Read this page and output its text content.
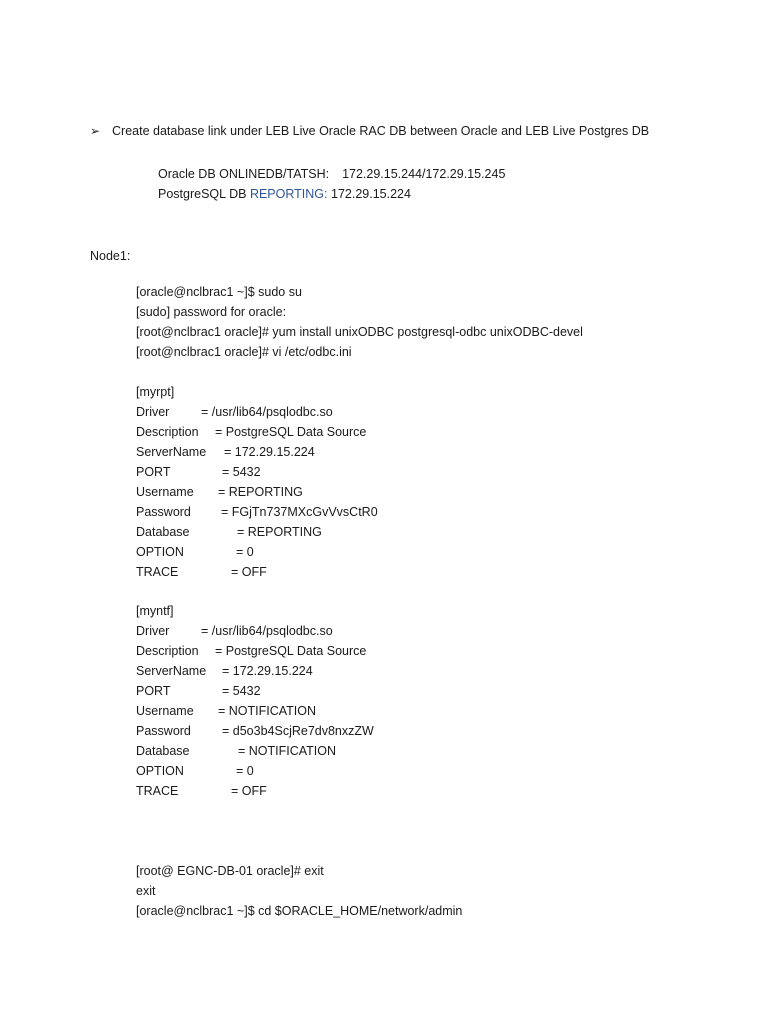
➢ Create database link under LEB Live Oracle RAC DB between Oracle and LEB Live Postgres DB
Oracle DB ONLINEDB/TATSH: 172.29.15.244/172.29.15.245
PostgreSQL DB REPORTING: 172.29.15.224
Node1:
[oracle@nclbrac1 ~]$ sudo su
[sudo] password for oracle:
[root@nclbrac1 oracle]# yum install unixODBC postgresql-odbc unixODBC-devel
[root@nclbrac1 oracle]# vi /etc/odbc.ini
[myrpt]
Driver	= /usr/lib64/psqlodbc.so
Description = PostgreSQL Data Source
ServerName = 172.29.15.224
PORT	= 5432
Username = REPORTING
Password = FGjTn737MXcGvVvsCtR0
Database	= REPORTING
OPTION	= 0
TRACE	= OFF
[myntf]
Driver	= /usr/lib64/psqlodbc.so
Description = PostgreSQL Data Source
ServerName = 172.29.15.224
PORT	= 5432
Username = NOTIFICATION
Password = d5o3b4ScjRe7dv8nxzZW
Database	= NOTIFICATION
OPTION	= 0
TRACE	= OFF
[root@ EGNC-DB-01 oracle]# exit
exit
[oracle@nclbrac1 ~]$ cd $ORACLE_HOME/network/admin
